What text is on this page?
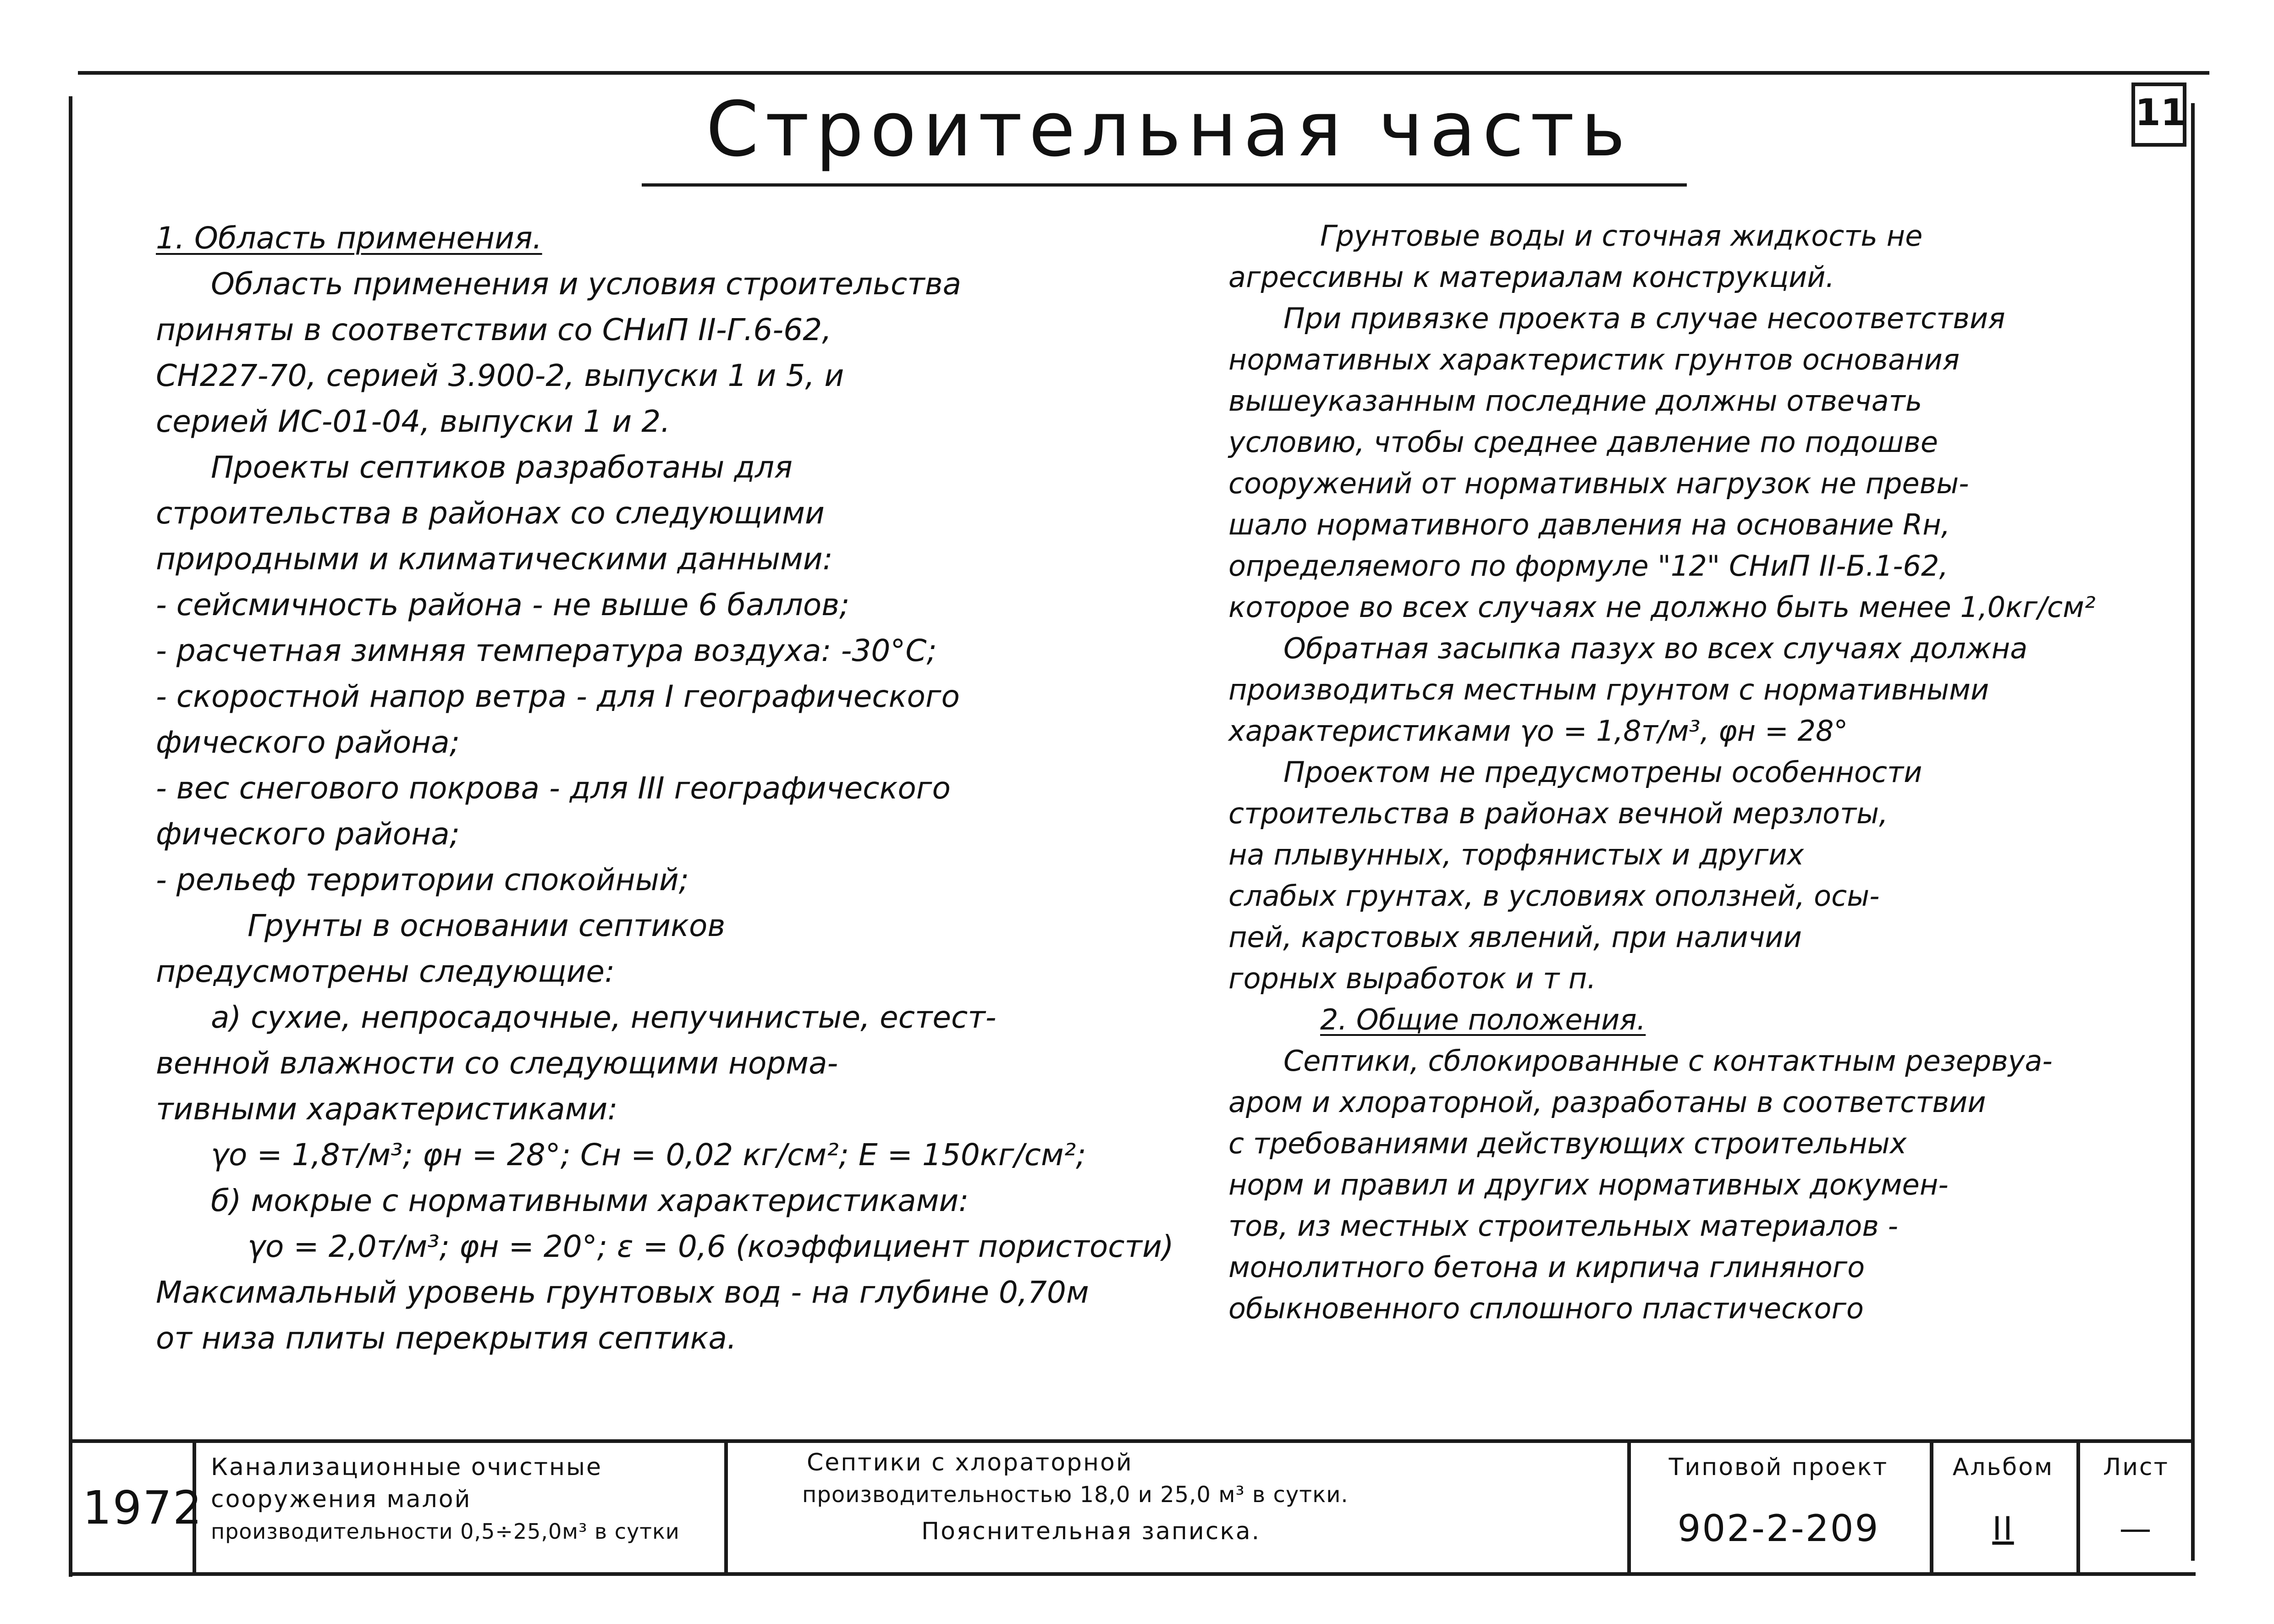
Строительная часть	11
1. Область применения.
Область применения и условия строительства
приняты в соответствии со СНиП II-Г.6-62,
СН227-70, серией 3.900-2, выпуски 1 и 5, и
серией ИС-01-04, выпуски 1 и 2.
Проекты септиков разработаны для
строительства в районах со следующими
природными и климатическими данными:
- сейсмичность района - не выше 6 баллов;
- расчетная зимняя температура воздуха: -30°С;
- скоростной напор ветра - для I географического
фического района;
- вес снегового покрова - для III географического
фического района;
- рельеф территории спокойный;
Грунты в основании септиков
предусмотрены следующие:
а) сухие, непросадочные, непучинистые, естест-
венной влажности со следующими норма-
тивными характеристиками:
γo = 1,8т/м³; φн = 28°; Сн = 0,02 кг/см²; Е = 150кг/см²;
б) мокрые с нормативными характеристиками:
γo = 2,0т/м³; φн = 20°; ε = 0,6 (коэффициент пористости)
Максимальный уровень грунтовых вод - на глубине 0,70м
от низа плиты перекрытия септика.
Грунтовые воды и сточная жидкость не
агрессивны к материалам конструкций.
При привязке проекта в случае несоответствия
нормативных характеристик грунтов основания
вышеуказанным последние должны отвечать
условию, чтобы среднее давление по подошве
сооружений от нормативных нагрузок не превы-
шало нормативного давления на основание Rн,
определяемого по формуле "12" СНиП II-Б.1-62,
которое во всех случаях не должно быть менее 1,0кг/см²
Обратная засыпка пазух во всех случаях должна
производиться местным грунтом с нормативными
характеристиками γo = 1,8т/м³, φн = 28°
Проектом не предусмотрены особенности
строительства в районах вечной мерзлоты,
на плывунных, торфянистых и других
слабых грунтах, в условиях оползней, осы-
пей, карстовых явлений, при наличии
горных выработок и т п.
2. Общие положения.
Септики, сблокированные с контактным резервуа-
аром и хлораторной, разработаны в соответствии
с требованиями действующих строительных
норм и правил и других нормативных докумен-
тов, из местных строительных материалов -
монолитного бетона и кирпича глиняного
обыкновенного сплошного пластического
1972
Канализационные очистные
сооружения малой
производительности 0,5÷25,0м³ в сутки
Септики с хлораторной
производительностью 18,0 и 25,0 м³ в сутки.
Пояснительная записка.
Типовой проект
902-2-209
Альбом
II
Лист
—
